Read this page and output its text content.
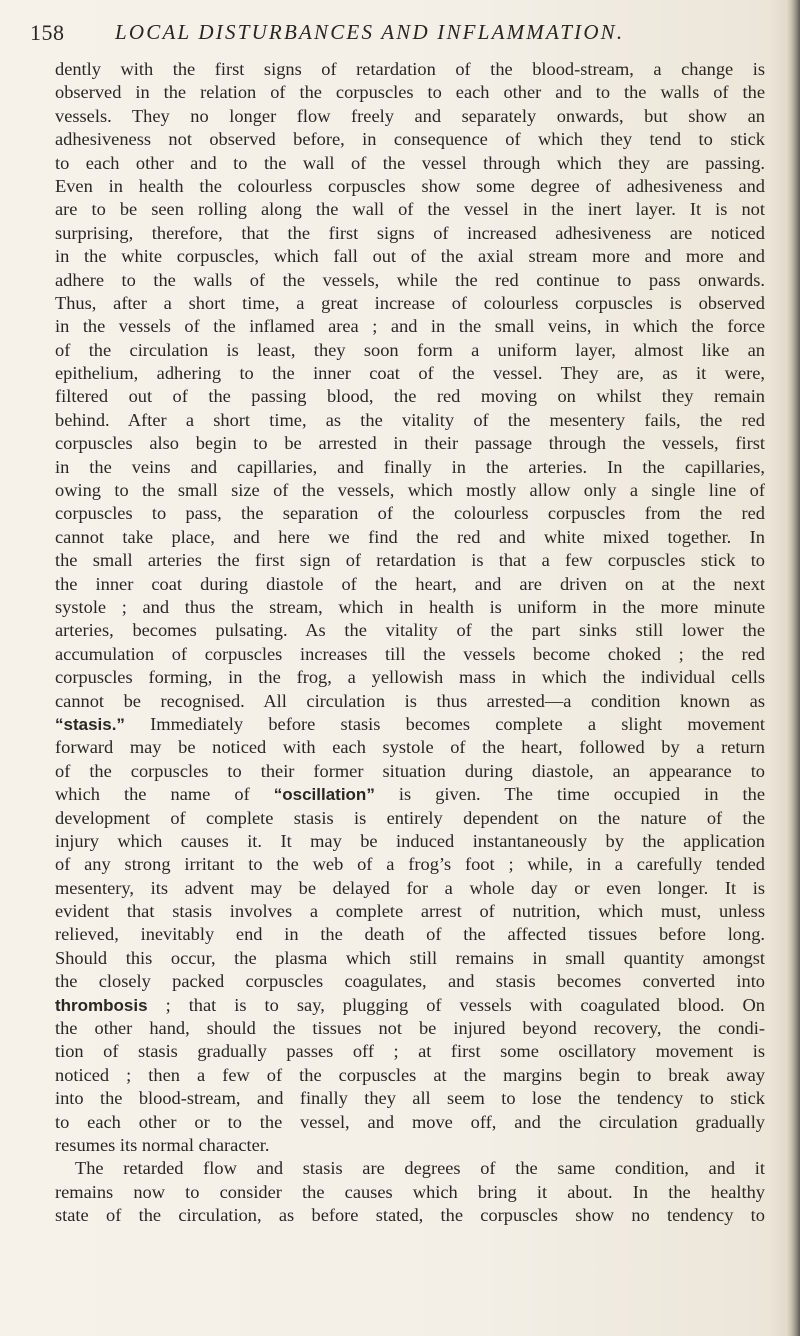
158 LOCAL DISTURBANCES AND INFLAMMATION.
dently with the first signs of retardation of the blood-stream, a change is
observed in the relation of the corpuscles to each other and to the walls of the
vessels. They no longer flow freely and separately onwards, but show an
adhesiveness not observed before, in consequence of which they tend to stick
to each other and to the wall of the vessel through which they are passing.
Even in health the colourless corpuscles show some degree of adhesiveness and
are to be seen rolling along the wall of the vessel in the inert layer. It is not
surprising, therefore, that the first signs of increased adhesiveness are noticed
in the white corpuscles, which fall out of the axial stream more and more and
adhere to the walls of the vessels, while the red continue to pass onwards.
Thus, after a short time, a great increase of colourless corpuscles is observed
in the vessels of the inflamed area ; and in the small veins, in which the force
of the circulation is least, they soon form a uniform layer, almost like an
epithelium, adhering to the inner coat of the vessel. They are, as it were,
filtered out of the passing blood, the red moving on whilst they remain
behind. After a short time, as the vitality of the mesentery fails, the red
corpuscles also begin to be arrested in their passage through the vessels, first
in the veins and capillaries, and finally in the arteries. In the capillaries,
owing to the small size of the vessels, which mostly allow only a single line of
corpuscles to pass, the separation of the colourless corpuscles from the red
cannot take place, and here we find the red and white mixed together. In
the small arteries the first sign of retardation is that a few corpuscles stick to
the inner coat during diastole of the heart, and are driven on at the next
systole ; and thus the stream, which in health is uniform in the more minute
arteries, becomes pulsating. As the vitality of the part sinks still lower the
accumulation of corpuscles increases till the vessels become choked ; the red
corpuscles forming, in the frog, a yellowish mass in which the individual cells
cannot be recognised. All circulation is thus arrested—a condition known as
“stasis.” Immediately before stasis becomes complete a slight movement
forward may be noticed with each systole of the heart, followed by a return
of the corpuscles to their former situation during diastole, an appearance to
which the name of “oscillation” is given. The time occupied in the
development of complete stasis is entirely dependent on the nature of the
injury which causes it. It may be induced instantaneously by the application
of any strong irritant to the web of a frog’s foot ; while, in a carefully tended
mesentery, its advent may be delayed for a whole day or even longer. It is
evident that stasis involves a complete arrest of nutrition, which must, unless
relieved, inevitably end in the death of the affected tissues before long.
Should this occur, the plasma which still remains in small quantity amongst
the closely packed corpuscles coagulates, and stasis becomes converted into
thrombosis ; that is to say, plugging of vessels with coagulated blood. On
the other hand, should the tissues not be injured beyond recovery, the condi-
tion of stasis gradually passes off ; at first some oscillatory movement is
noticed ; then a few of the corpuscles at the margins begin to break away
into the blood-stream, and finally they all seem to lose the tendency to stick
to each other or to the vessel, and move off, and the circulation gradually
resumes its normal character.
The retarded flow and stasis are degrees of the same condition, and it
remains now to consider the causes which bring it about. In the healthy
state of the circulation, as before stated, the corpuscles show no tendency to
